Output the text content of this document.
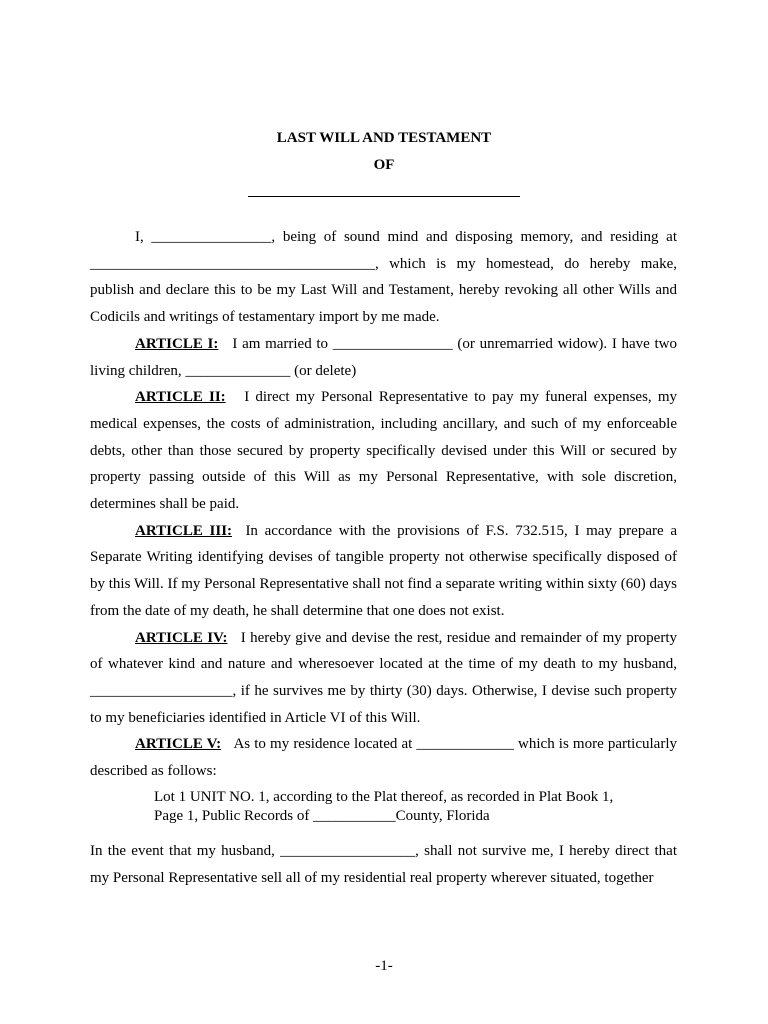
LAST WILL AND TESTAMENT
OF

I, ________________, being of sound mind and disposing memory, and residing at ______________________________________, which is my homestead, do hereby make, publish and declare this to be my Last Will and Testament, hereby revoking all other Wills and Codicils and writings of testamentary import by me made.

ARTICLE I: I am married to ________________ (or unremarried widow). I have two living children, ______________ (or delete)

ARTICLE II: I direct my Personal Representative to pay my funeral expenses, my medical expenses, the costs of administration, including ancillary, and such of my enforceable debts, other than those secured by property specifically devised under this Will or secured by property passing outside of this Will as my Personal Representative, with sole discretion, determines shall be paid.

ARTICLE III: In accordance with the provisions of F.S. 732.515, I may prepare a Separate Writing identifying devises of tangible property not otherwise specifically disposed of by this Will. If my Personal Representative shall not find a separate writing within sixty (60) days from the date of my death, he shall determine that one does not exist.

ARTICLE IV: I hereby give and devise the rest, residue and remainder of my property of whatever kind and nature and wheresoever located at the time of my death to my husband, ___________________, if he survives me by thirty (30) days. Otherwise, I devise such property to my beneficiaries identified in Article VI of this Will.

ARTICLE V: As to my residence located at _____________ which is more particularly described as follows:

Lot 1 UNIT NO. 1, according to the Plat thereof, as recorded in Plat Book 1,
Page 1, Public Records of ___________County, Florida

In the event that my husband, __________________, shall not survive me, I hereby direct that my Personal Representative sell all of my residential real property wherever situated, together

-1-
